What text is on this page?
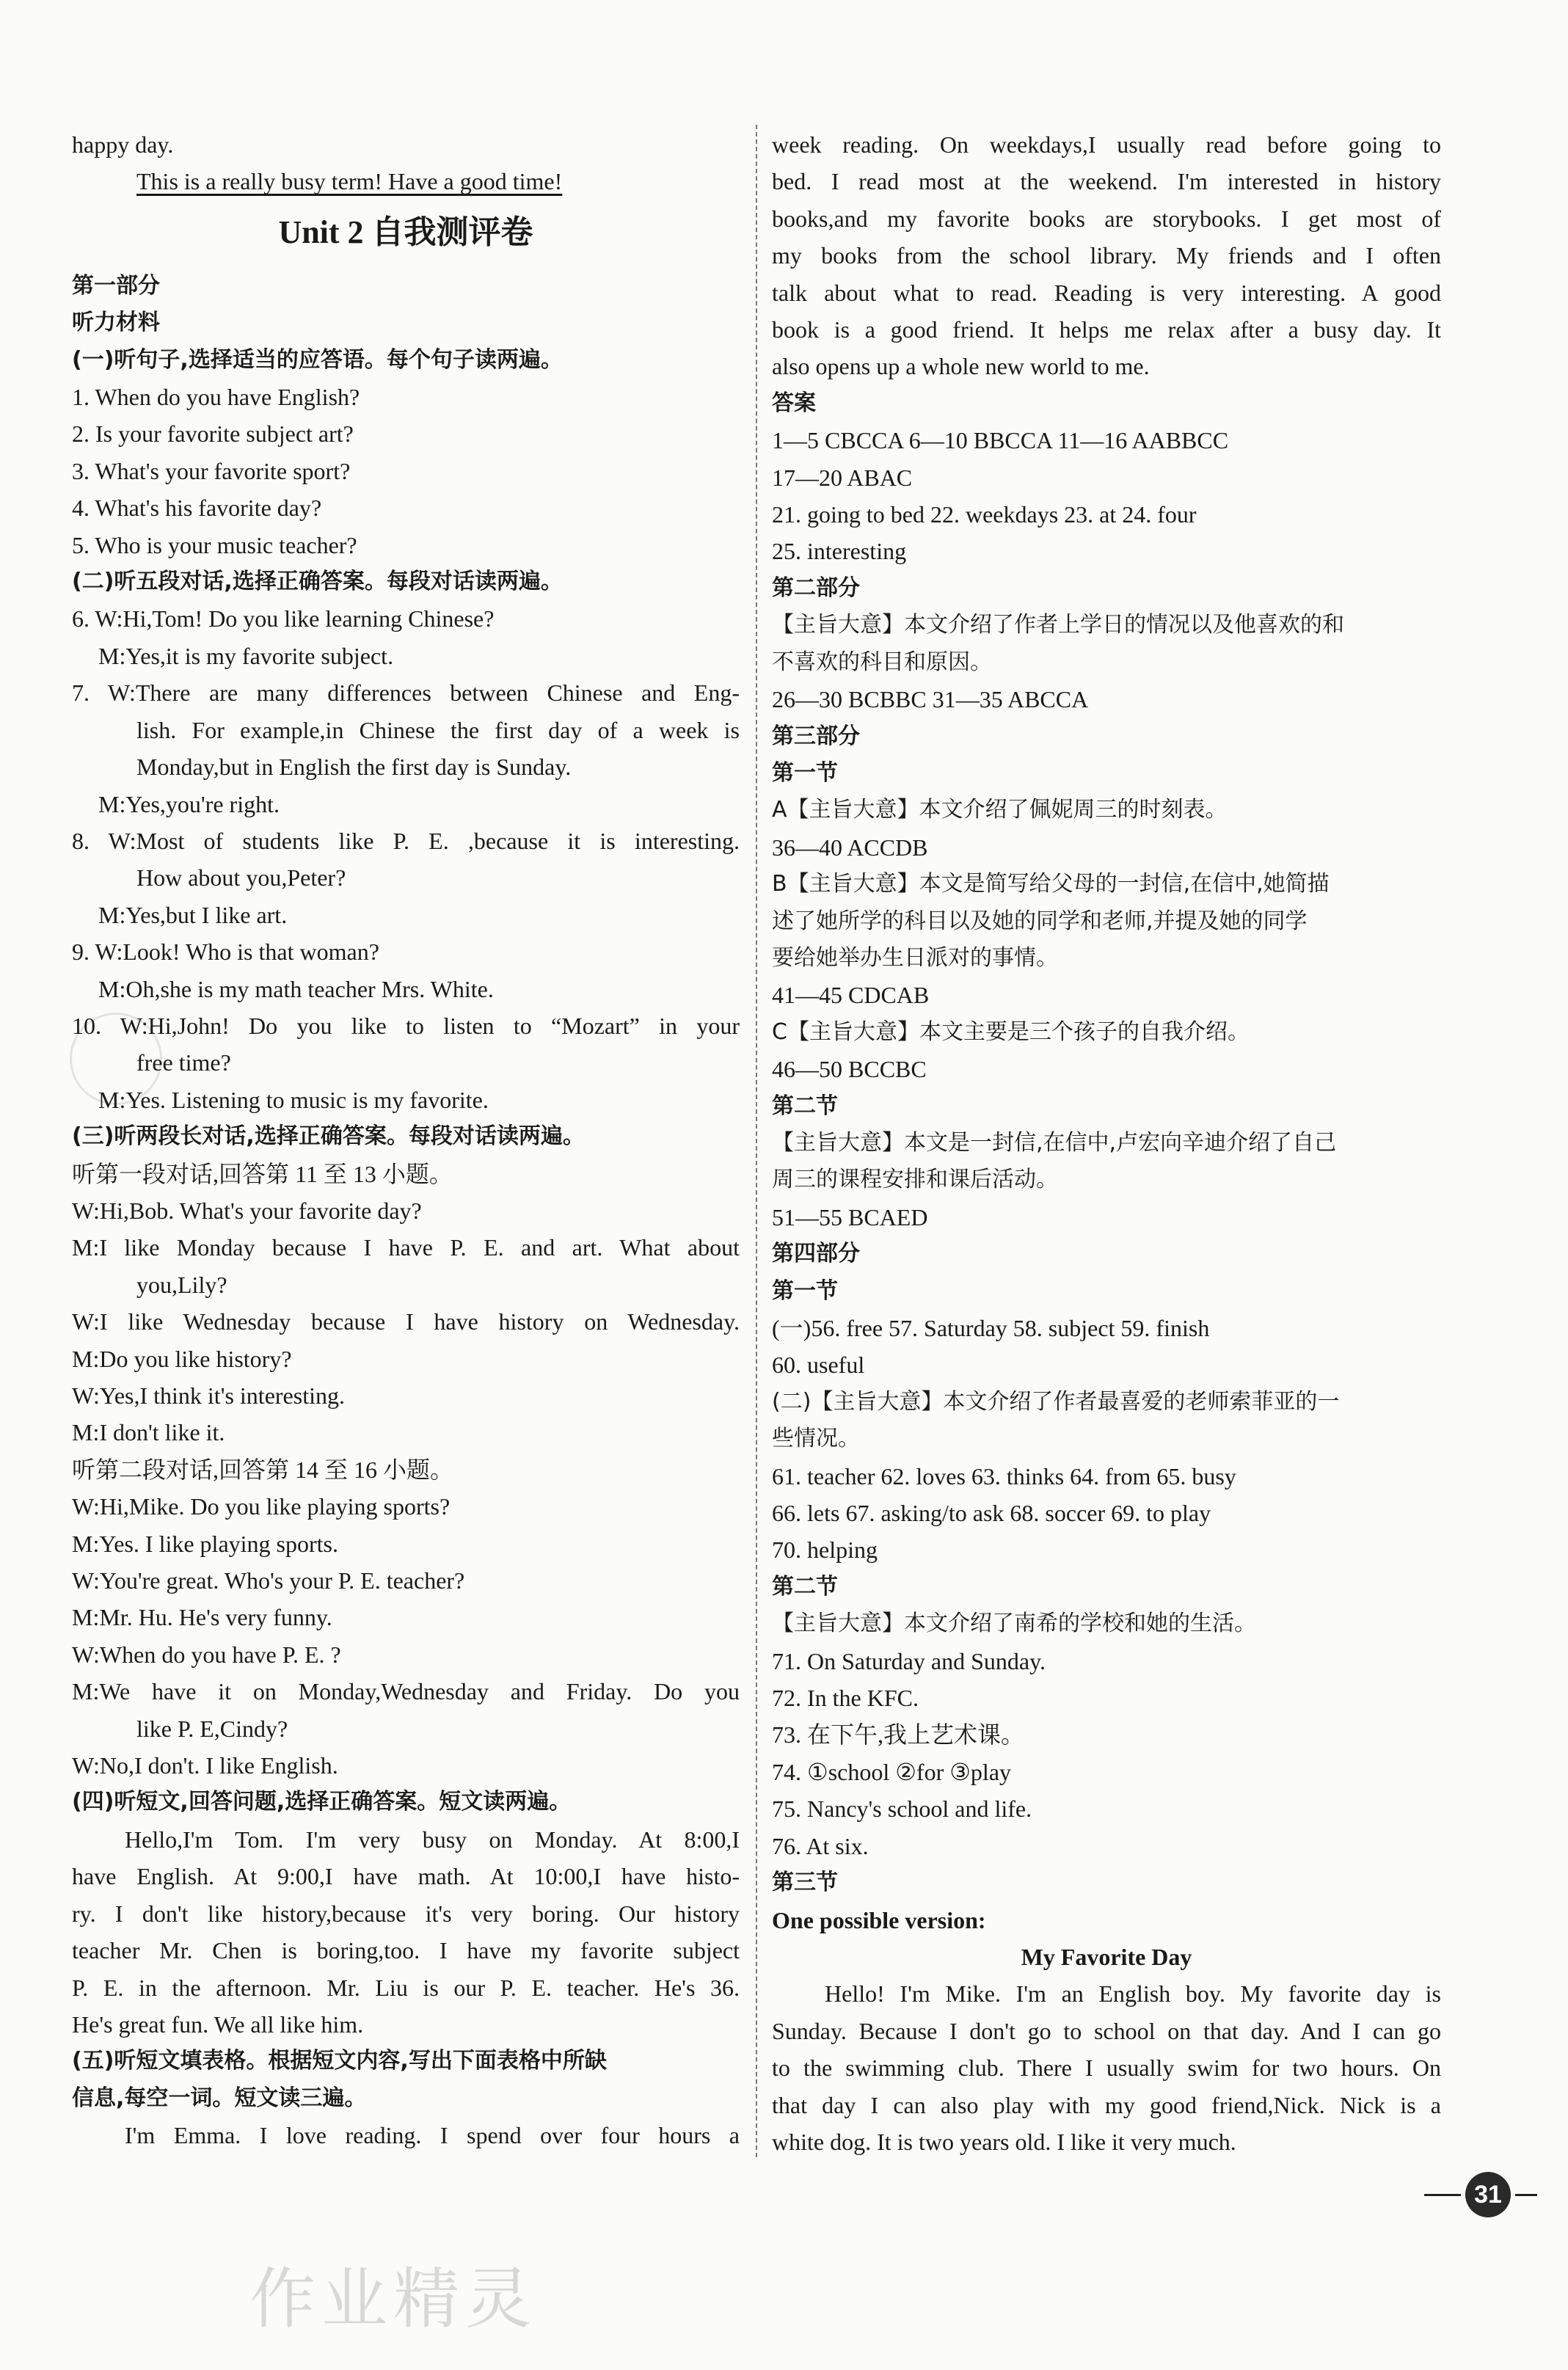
happy day.

This is a really busy term! Have a good time!

Unit 2 自我测评卷

第一部分

听力材料

(一)听句子,选择适当的应答语。每个句子读两遍。

1. When do you have English?

2. Is your favorite subject art?

3. What's your favorite sport?

4. What's his favorite day?

5. Who is your music teacher?

(二)听五段对话,选择正确答案。每段对话读两遍。

6. W:Hi,Tom! Do you like learning Chinese?

M:Yes,it is my favorite subject.

7. W:There are many differences between Chinese and Eng-

lish. For example,in Chinese the first day of a week is

Monday,but in English the first day is Sunday.

M:Yes,you're right.

8. W:Most of students like P. E. ,because it is interesting.

How about you,Peter?

M:Yes,but I like art.

9. W:Look! Who is that woman?

M:Oh,she is my math teacher Mrs. White.

10. W:Hi,John! Do you like to listen to “Mozart” in your

free time?

M:Yes. Listening to music is my favorite.

(三)听两段长对话,选择正确答案。每段对话读两遍。

听第一段对话,回答第 11 至 13 小题。

W:Hi,Bob. What's your favorite day?

M:I like Monday because I have P. E. and art. What about

you,Lily?

W:I like Wednesday because I have history on Wednesday.

M:Do you like history?

W:Yes,I think it's interesting.

M:I don't like it.

听第二段对话,回答第 14 至 16 小题。

W:Hi,Mike. Do you like playing sports?

M:Yes. I like playing sports.

W:You're great. Who's your P. E. teacher?

M:Mr. Hu. He's very funny.

W:When do you have P. E. ?

M:We have it on Monday,Wednesday and Friday. Do you

like P. E,Cindy?

W:No,I don't. I like English.

(四)听短文,回答问题,选择正确答案。短文读两遍。

Hello,I'm Tom. I'm very busy on Monday. At 8:00,I

have English. At 9:00,I have math. At 10:00,I have histo-

ry. I don't like history,because it's very boring. Our history

teacher Mr. Chen is boring,too. I have my favorite subject

P. E. in the afternoon. Mr. Liu is our P. E. teacher. He's 36.

He's great fun. We all like him.

(五)听短文填表格。根据短文内容,写出下面表格中所缺

信息,每空一词。短文读三遍。

I'm Emma. I love reading. I spend over four hours a

week reading. On weekdays,I usually read before going to

bed. I read most at the weekend. I'm interested in history

books,and my favorite books are storybooks. I get most of

my books from the school library. My friends and I often

talk about what to read. Reading is very interesting. A good

book is a good friend. It helps me relax after a busy day. It

also opens up a whole new world to me.

答案

1—5 CBCCA 6—10 BBCCA 11—16 AABBCC

17—20 ABAC

21. going to bed 22. weekdays 23. at 24. four

25. interesting

第二部分

【主旨大意】本文介绍了作者上学日的情况以及他喜欢的和

不喜欢的科目和原因。

26—30 BCBBC 31—35 ABCCA

第三部分

第一节

A【主旨大意】本文介绍了佩妮周三的时刻表。

36—40 ACCDB

B【主旨大意】本文是简写给父母的一封信,在信中,她简描

述了她所学的科目以及她的同学和老师,并提及她的同学

要给她举办生日派对的事情。

41—45 CDCAB

C【主旨大意】本文主要是三个孩子的自我介绍。

46—50 BCCBC

第二节

【主旨大意】本文是一封信,在信中,卢宏向辛迪介绍了自己

周三的课程安排和课后活动。

51—55 BCAED

第四部分

第一节

(一)56. free 57. Saturday 58. subject 59. finish

60. useful

(二)【主旨大意】本文介绍了作者最喜爱的老师索菲亚的一

些情况。

61. teacher 62. loves 63. thinks 64. from 65. busy

66. lets 67. asking/to ask 68. soccer 69. to play

70. helping

第二节

【主旨大意】本文介绍了南希的学校和她的生活。

71. On Saturday and Sunday.

72. In the KFC.

73. 在下午,我上艺术课。

74. ①school ②for ③play

75. Nancy's school and life.

76. At six.

第三节

One possible version:

My Favorite Day

Hello! I'm Mike. I'm an English boy. My favorite day is

Sunday. Because I don't go to school on that day. And I can go

to the swimming club. There I usually swim for two hours. On

that day I can also play with my good friend,Nick. Nick is a

white dog. It is two years old. I like it very much.

31
作业精灵
